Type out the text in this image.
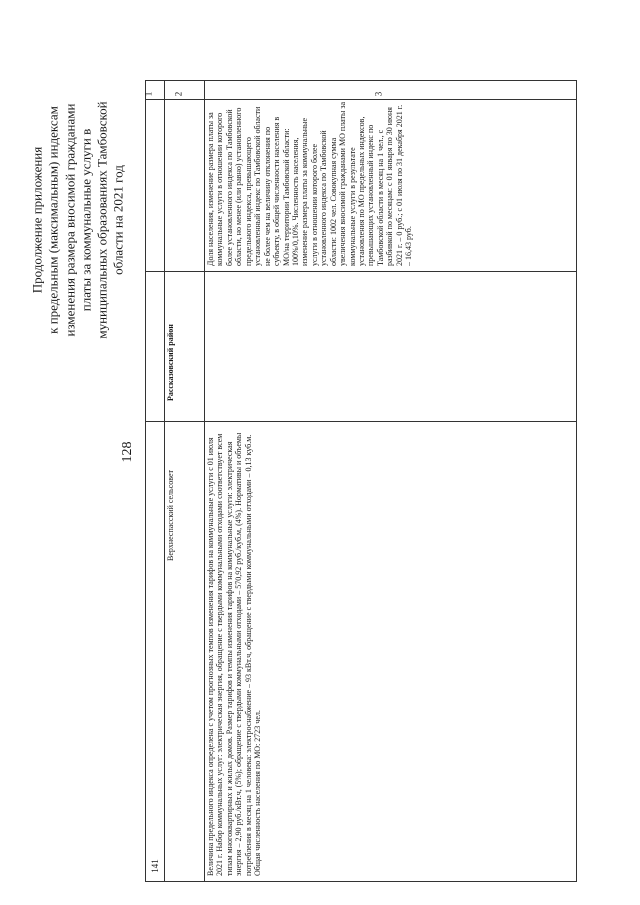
128
Продолжение приложения к предельным (максимальным) индексам изменения размера вносимой гражданами платы за коммунальные услуги в муниципальных образованиях Тамбовской области на 2021 год
1 2	3
Рассказовский район
141
Верхнеспасский сельсовет
Доля населения, изменение размера платы за коммунальные услуги в отношении которого более установленного индекса по Тамбовской области, но менее (или равно) установленного предельного индекса, превышающего установленный индекс по Тамбовской области не более чем на величину отклонения по субъекту, в общей численности населения в МО/на территории Тамбовской области: 100%/0,10%. Численность населения, изменение размера платы за коммунальные услуги в отношении которого более установленного индекса по Тамбовской области: 1002 чел. Совокупная сумма увеличения вносимой гражданами МО платы за коммунальные услуги в результате установления по МО предельных индексов, превышающих установленный индекс по Тамбовской области в месяц на 1 чел., с разбивкой по месяцам: с 01 января по 30 июня 2021 г. – 0 руб.; с 01 июля по 31 декабря 2021 г. – 16,43 руб.
Величина предельного индекса определена с учетом прогнозных темпов изменения тарифов на коммунальные услуги с 01 июля 2021 г. Набор коммунальных услуг: электрическая энергия, обращение с твердыми коммунальными отходами соответствует всем типам многоквартирных и жилых домов. Размер тарифов и темпы изменения тарифов на коммунальные услуги: электрическая энергия – 2,90 руб./кВт.ч, (5%); обращение с твердыми коммунальными отходами – 570,92 руб./куб.м, (4%). Нормативы и объемы потребления в месяц на 1 человека: электроснабжение – 93 кВт.ч, обращение с твердыми коммунальными отходами – 0,13 куб.м. Общая численность населения по МО: 2723 чел.
